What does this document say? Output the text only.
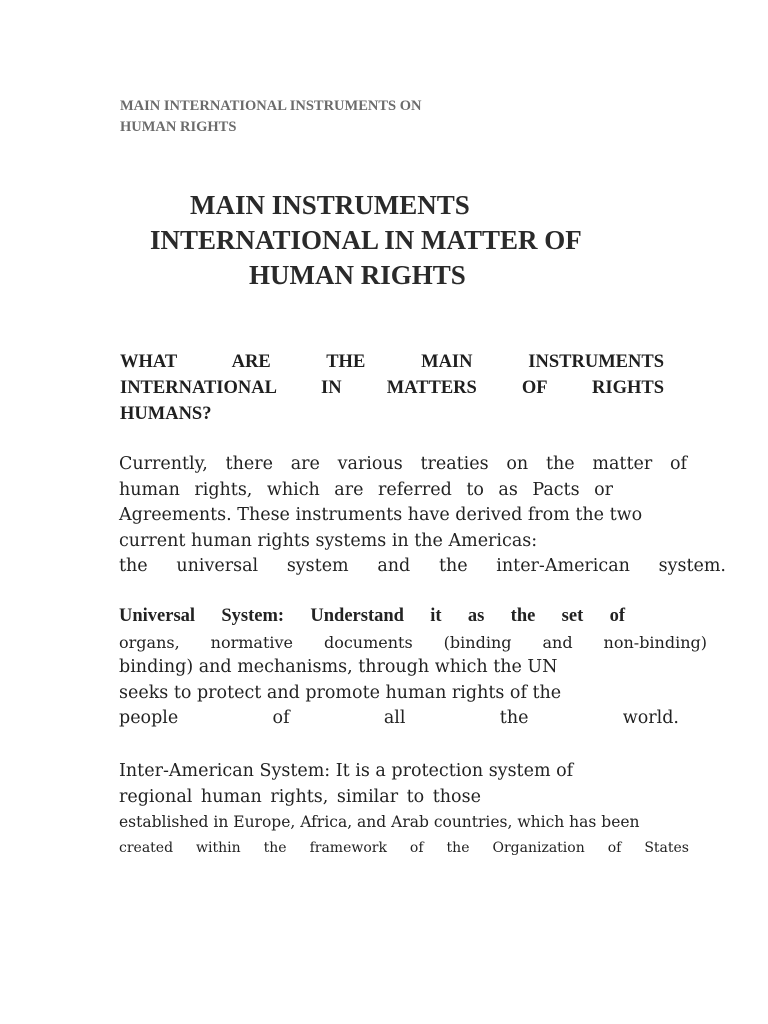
MAIN INTERNATIONAL INSTRUMENTS ON
HUMAN RIGHTS
MAIN INSTRUMENTS
INTERNATIONAL IN MATTER OF
HUMAN RIGHTS
WHAT ARE THE MAIN INSTRUMENTS
INTERNATIONAL IN MATTERS OF RIGHTS
HUMANS?
Currently, there are various treaties on the matter of
human rights, which are referred to as Pacts or
Agreements. These instruments have derived from the two
current human rights systems in the Americas:
the universal system and the inter-American system.
Universal System: Understand it as the set of
organs, normative documents (binding and non-binding)
binding) and mechanisms, through which the UN
seeks to protect and promote human rights of the
people of all the world.
Inter-American System: It is a protection system of
regional human rights, similar to those
established in Europe, Africa, and Arab countries, which has been
created within the framework of the Organization of States
